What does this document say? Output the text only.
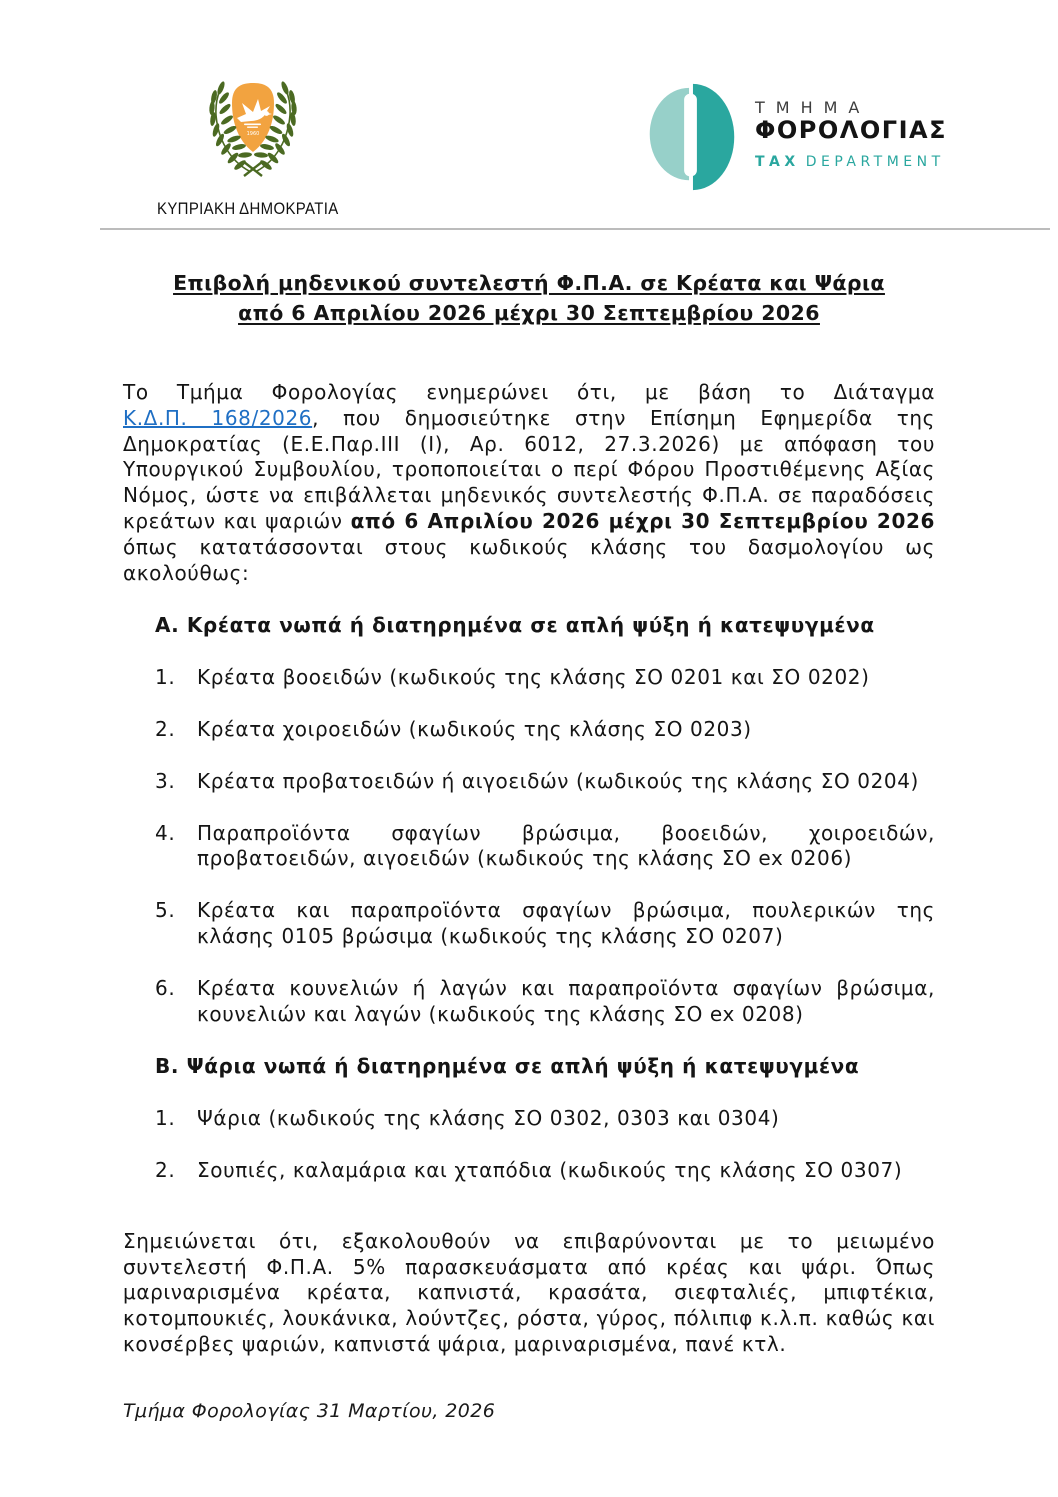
1960
ΚΥΠΡΙΑΚΗ ΔΗΜΟΚΡΑΤΙΑ
ΤΜΗΜΑ
ΦΟΡΟΛΟΓΙΑΣ
ΤΑΧ DEPARTMENT
Επιβολή μηδενικού συντελεστή Φ.Π.Α. σε Κρέατα και Ψάρια
από 6 Απριλίου 2026 μέχρι 30 Σεπτεμβρίου 2026

Το Τμήμα Φορολογίας ενημερώνει ότι, με βάση το Διάταγμα Κ.Δ.Π. 168/2026, που δημοσιεύτηκε στην Επίσημη Εφημερίδα της Δημοκρατίας (Ε.Ε.Παρ.ΙΙΙ (Ι), Αρ. 6012, 27.3.2026) με απόφαση του Υπουργικού Συμβουλίου, τροποποιείται ο περί Φόρου Προστιθέμενης Αξίας Νόμος, ώστε να επιβάλλεται μηδενικός συντελεστής Φ.Π.Α. σε παραδόσεις κρεάτων και ψαριών από 6 Απριλίου 2026 μέχρι 30 Σεπτεμβρίου 2026 όπως κατατάσσονται στους κωδικούς κλάσης του δασμολογίου ως ακολούθως:

Α. Κρέατα νωπά ή διατηρημένα σε απλή ψύξη ή κατεψυγμένα
Κρέατα βοοειδών (κωδικούς της κλάσης ΣΟ 0201 και ΣΟ 0202)
Κρέατα χοιροειδών (κωδικούς της κλάσης ΣΟ 0203)
Κρέατα προβατοειδών ή αιγοειδών (κωδικούς της κλάσης ΣΟ 0204)
Παραπροϊόντα σφαγίων βρώσιμα, βοοειδών, χοιροειδών, προβατοειδών, αιγοειδών (κωδικούς της κλάσης ΣΟ ex 0206)
Κρέατα και παραπροϊόντα σφαγίων βρώσιμα, πουλερικών της κλάσης 0105 βρώσιμα (κωδικούς της κλάσης ΣΟ 0207)
Κρέατα κουνελιών ή λαγών και παραπροϊόντα σφαγίων βρώσιμα, κουνελιών και λαγών (κωδικούς της κλάσης ΣΟ ex 0208)
Β. Ψάρια νωπά ή διατηρημένα σε απλή ψύξη ή κατεψυγμένα
Ψάρια (κωδικούς της κλάσης ΣΟ 0302, 0303 και 0304)
Σουπιές, καλαμάρια και χταπόδια (κωδικούς της κλάσης ΣΟ 0307)

Σημειώνεται ότι, εξακολουθούν να επιβαρύνονται με το μειωμένο συντελεστή Φ.Π.Α. 5% παρασκευάσματα από κρέας και ψάρι. Όπως μαριναρισμένα κρέατα, καπνιστά, κρασάτα, σιεφταλιές, μπιφτέκια, κοτομπουκιές, λουκάνικα, λούντζες, ρόστα, γύρος, πόλιπιφ κ.λ.π. καθώς και κονσέρβες ψαριών, καπνιστά ψάρια, μαριναρισμένα, πανέ κτλ.

Τμήμα Φορολογίας 31 Μαρτίου, 2026
